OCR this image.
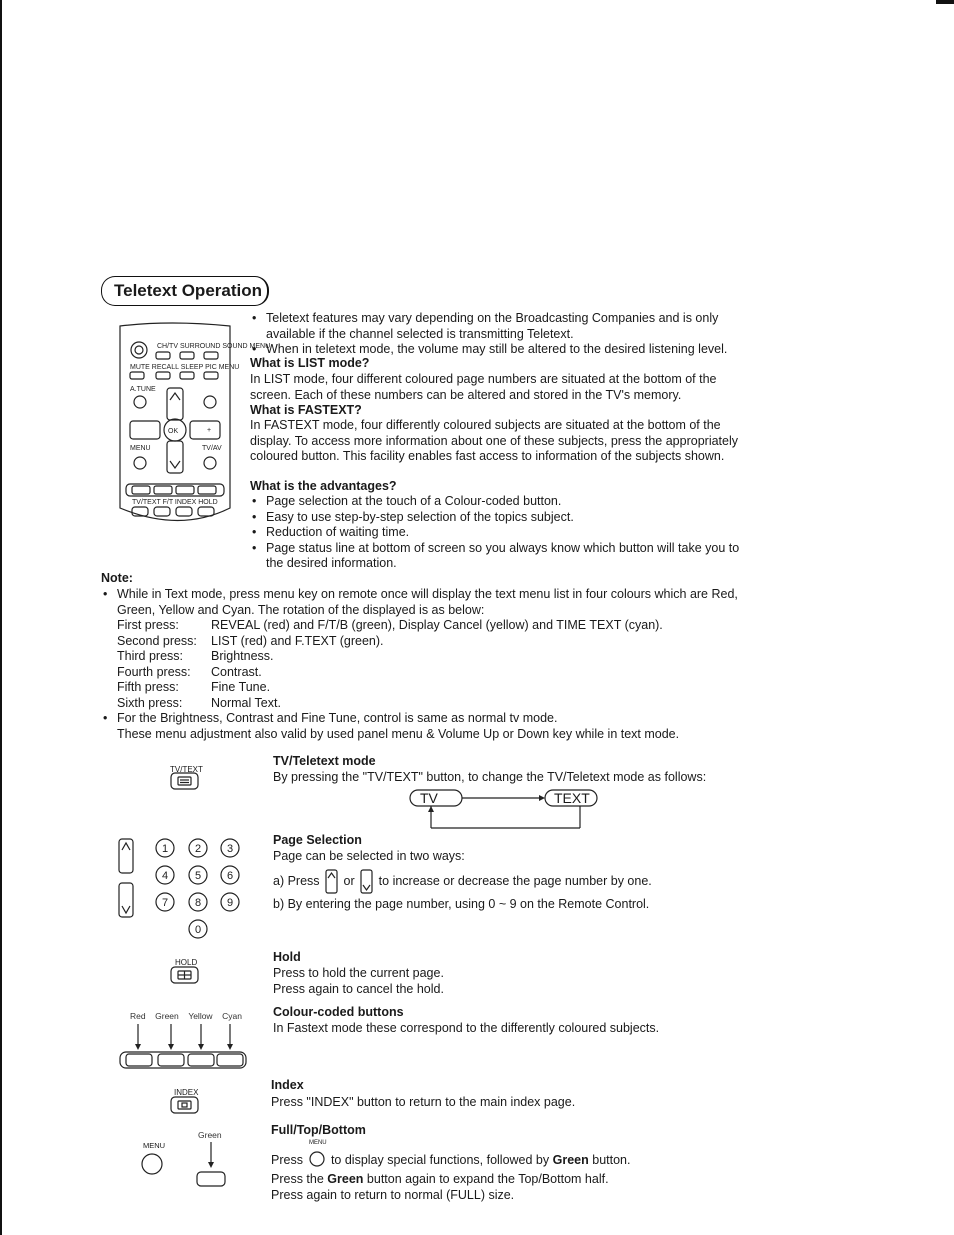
Teletext Operation
CH/TV SURROUND SOUND MENU
MUTE RECALL SLEEP PIC MENU
A.TUNE
+
OK
MENU	TV/AV
TV/TEXT F/T INDEX HOLD
• Teletext features may vary depending on the Broadcasting Companies and is only available if the channel selected is transmitting Teletext.
• When in teletext mode, the volume may still be altered to the desired listening level.
What is LIST mode?
In LIST mode, four different coloured page numbers are situated at the bottom of the screen. Each of these numbers can be altered and stored in the TV's memory.
What is FASTEXT?
In FASTEXT mode, four differently coloured subjects are situated at the bottom of the display. To access more information about one of these subjects, press the appropriately coloured button. This facility enables fast access to information of the subjects shown.
What is the advantages?
• Page selection at the touch of a Colour-coded button.
• Easy to use step-by-step selection of the topics subject.
• Reduction of waiting time.
• Page status line at bottom of screen so you always know which button will take you to the desired information.
Note:
• While in Text mode, press menu key on remote once will display the text menu list in four colours which are Red, Green, Yellow and Cyan. The rotation of the displayed is as below:
First press:	REVEAL (red) and F/T/B (green), Display Cancel (yellow) and TIME TEXT (cyan).
Second press:	LIST (red) and F.TEXT (green).
Third press:	Brightness.
Fourth press:	Contrast.
Fifth press:	Fine Tune.
Sixth press:	Normal Text.
• For the Brightness, Contrast and Fine Tune, control is same as normal tv mode.
These menu adjustment also valid by used panel menu & Volume Up or Down key while in text mode.
TV/TEXT
TV/Teletext mode
By pressing the "TV/TEXT" button, to change the TV/Teletext mode as follows:
TV	TEXT
1 2 3
4 5 6
7 8 9
0
Page Selection
Page can be selected in two ways:
a) Press or to increase or decrease the page number by one.
b) By entering the page number, using 0 ~ 9 on the Remote Control.
HOLD	Hold
Press to hold the current page.
Press again to cancel the hold.
Red Green Yellow Cyan Colour-coded buttons
In Fastext mode these correspond to the differently coloured subjects.
INDEX
Index
Press "INDEX" button to return to the main index page.
MENU
Green	Full/Top/Bottom
Press
MENU
to display special functions, followed by
Green
button.
Press the Green button again to expand the Top/Bottom half.
Press again to return to normal (FULL) size.
